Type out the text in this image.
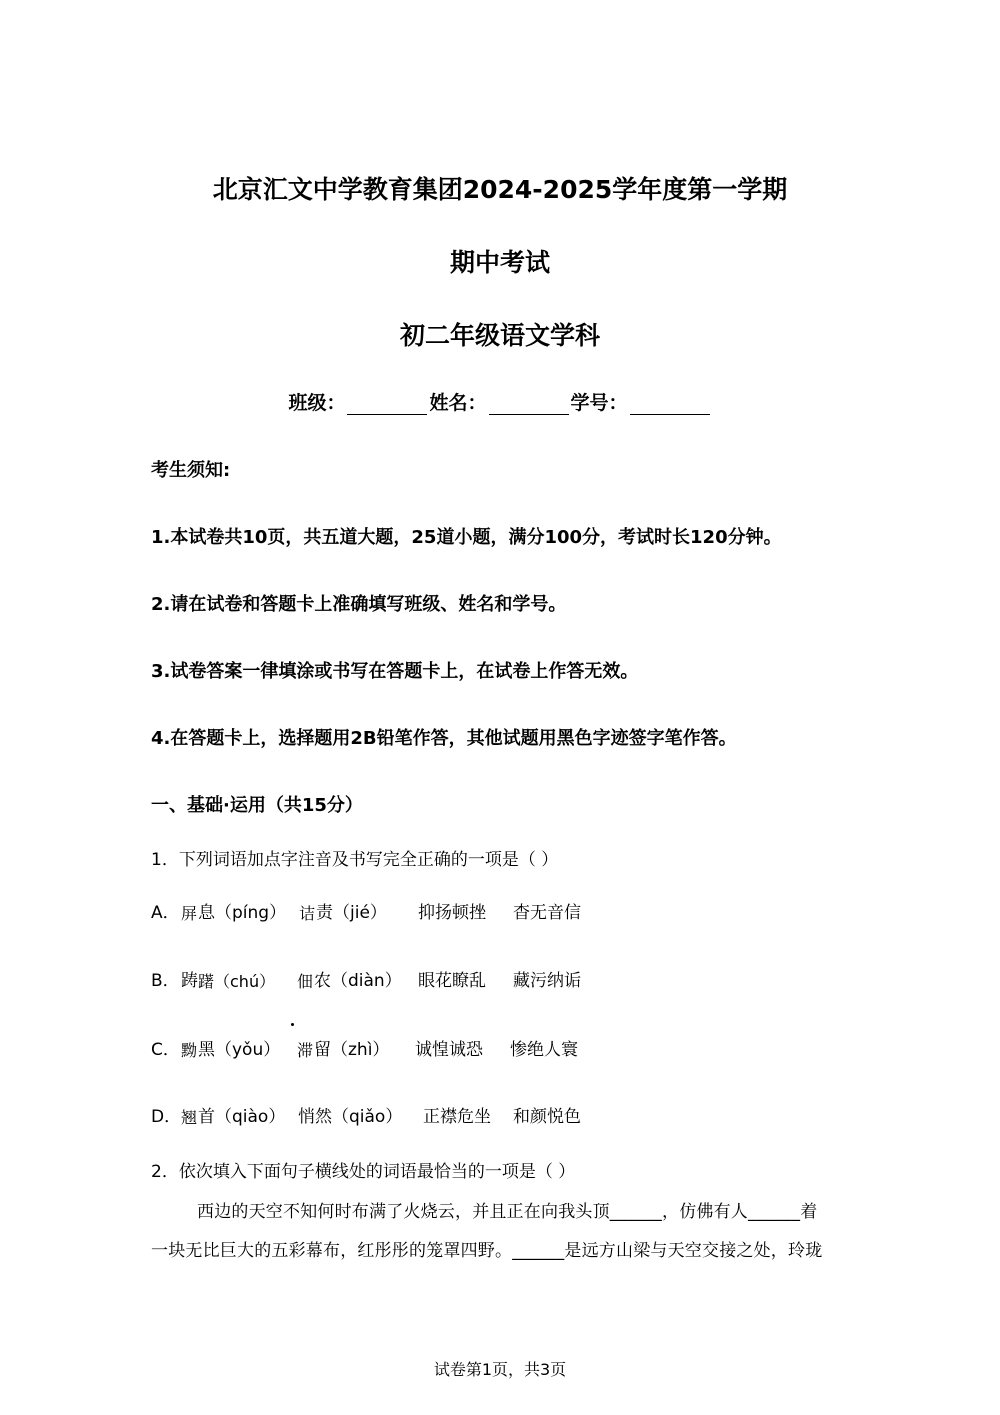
北京汇文中学教育集团2024-2025学年度第一学期
期中考试
初二年级语文学科
班级：	姓名：	学号：
考生须知:
1.本试卷共10页，共五道大题，25道小题，满分100分，考试时长120分钟。
2.请在试卷和答题卡上准确填写班级、姓名和学号。
3.试卷答案一律填涂或书写在答题卡上，在试卷上作答无效。
4.在答题卡上，选择题用2B铅笔作答，其他试题用黑色字迹签字笔作答。
一、基础·运用（共15分）
1．下列词语加点字注音及书写完全正确的一项是（ ）
A． 屏 息（píng） 诘 责（jié） 抑扬顿挫 杳无音信
B． 踌 躇（chú） 佃 农（diàn） 眼花瞭乱 藏污纳诟
C． 黝 黑（yǒu） 滞 留（zhì） 诚惶诚恐 惨绝人寰
D． 翘 首（qiào） 悄 然（qiǎo） 正襟危坐 和颜悦色
2．依次填入下面句子横线处的词语最恰当的一项是（ ）
西边的天空不知何时布满了火烧云，并且正在向我头顶______，仿佛有人______着
一块无比巨大的五彩幕布，红彤彤的笼罩四野。______是远方山梁与天空交接之处，玲珑
试卷第1页，共3页
